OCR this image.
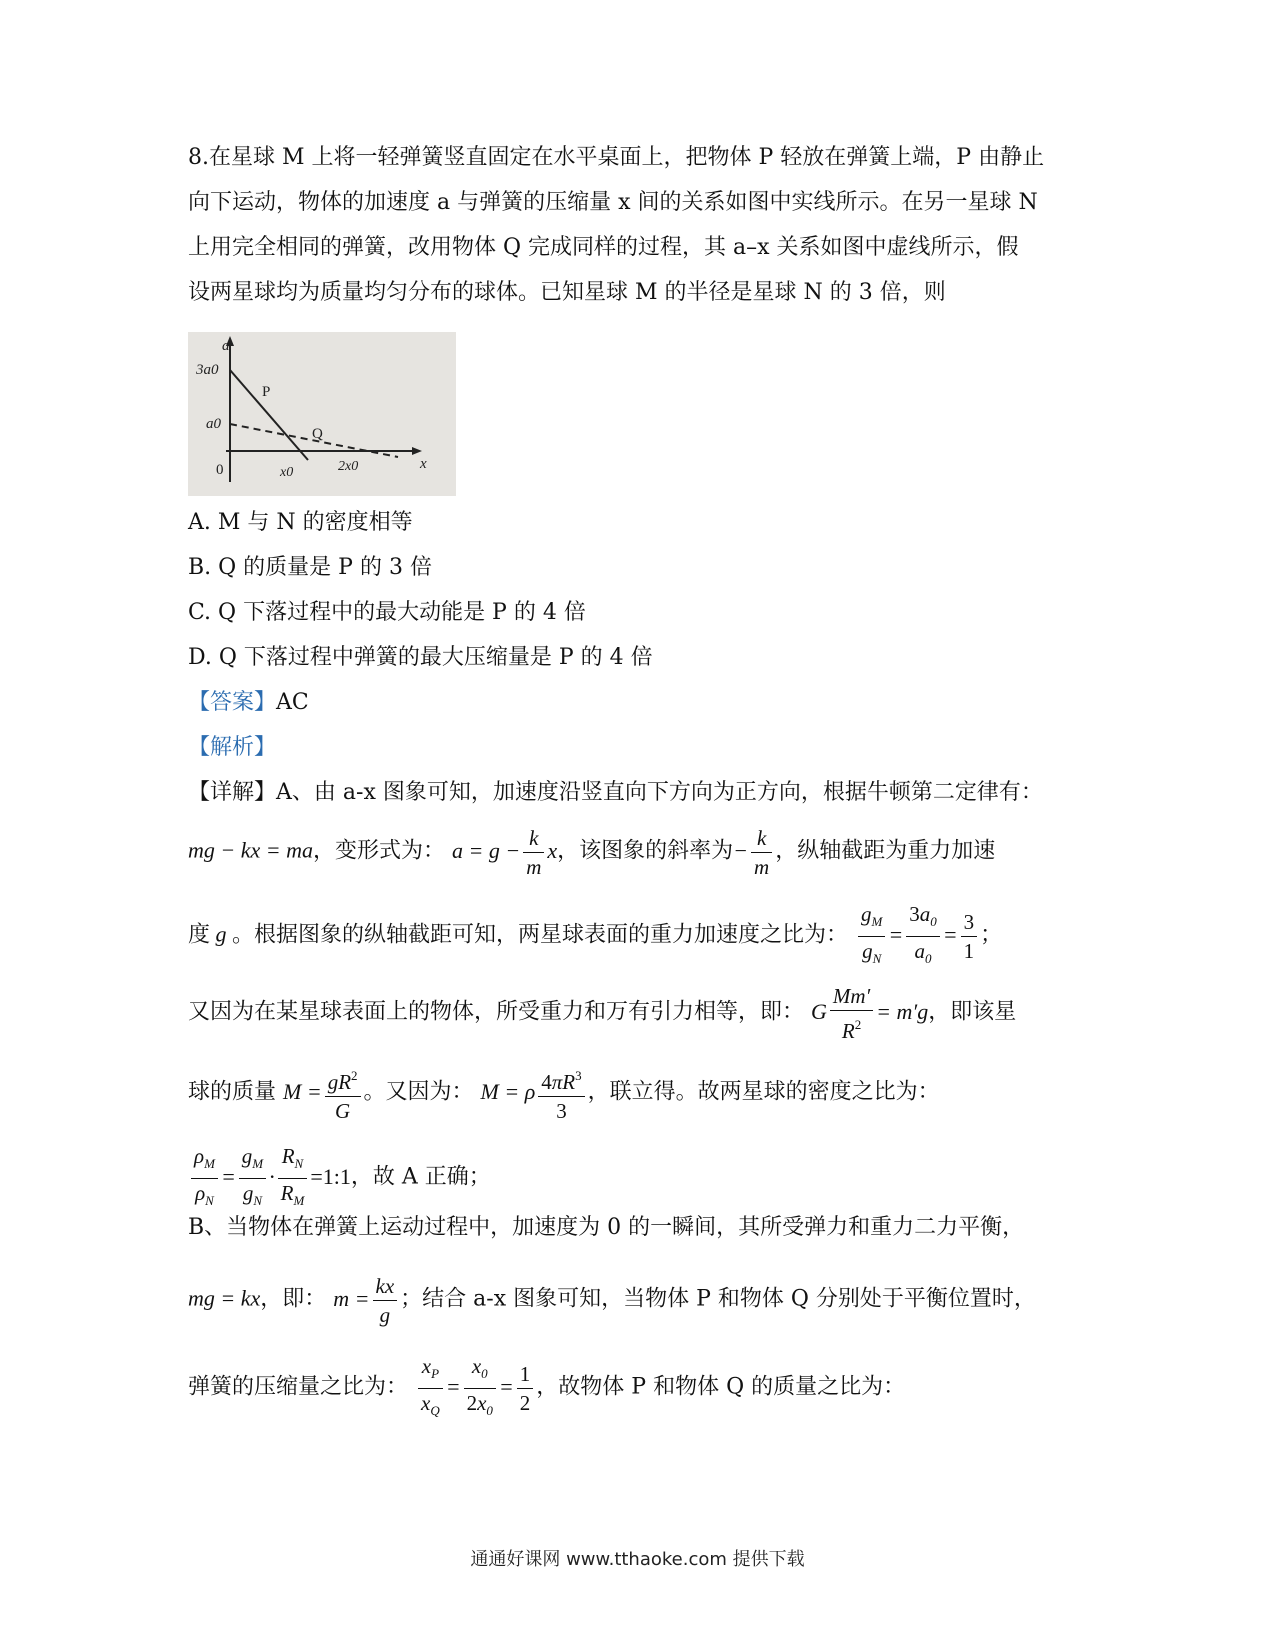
8.在星球 M 上将一轻弹簧竖直固定在水平桌面上，把物体 P 轻放在弹簧上端，P 由静止
向下运动，物体的加速度 a 与弹簧的压缩量 x 间的关系如图中实线所示。在另一星球 N
上用完全相同的弹簧，改用物体 Q 完成同样的过程，其 a–x 关系如图中虚线所示，假
设两星球均为质量均匀分布的球体。已知星球 M 的半径是星球 N 的 3 倍，则
a
3a0
a0
0	x0	2x0	x
P
Q
A. M 与 N 的密度相等
B. Q 的质量是 P 的 3 倍
C. Q 下落过程中的最大动能是 P 的 4 倍
D. Q 下落过程中弹簧的最大压缩量是 P 的 4 倍
【答案】AC
【解析】
【详解】A、由 a-x 图象可知，加速度沿竖直向下方向为正方向，根据牛顿第二定律有：
mg − kx = ma，变形式为： $a = g - \frac{k}{m}$ x，该图象的斜率为− $\frac{k}{m}$ ，纵轴截距为重力加速
度 g 。根据图象的纵轴截距可知，两星球表面的重力加速度之比为： $\frac{g_M}{g_N} = \frac{3a_0}{a_0} = \frac{3}{1}$ ；
又因为在某星球表面上的物体，所受重力和万有引力相等，即： G $\frac{Mm'}{R^2} = m'g$，即该星
球的质量 $M = \frac{gR^2}{G}$ 。又因为： M = ρ $\frac{4\pi R^3}{3}$ ，联立得。故两星球的密度之比为：
$\frac{\rho_M}{\rho_N} = \frac{g_M}{g_N} \cdot \frac{R_N}{R_M}$ =1:1，故 A 正确；
B、当物体在弹簧上运动过程中，加速度为 0 的一瞬间，其所受弹力和重力二力平衡，
mg = kx，即： $m = \frac{kx}{g}$ ；结合 a-x 图象可知，当物体 P 和物体 Q 分别处于平衡位置时，
弹簧的压缩量之比为： $\frac{x_P}{x_Q} = \frac{x_0}{2x_0} = \frac{1}{2}$ ，故物体 P 和物体 Q 的质量之比为：
通通好课网 www.tthaoke.com 提供下载
